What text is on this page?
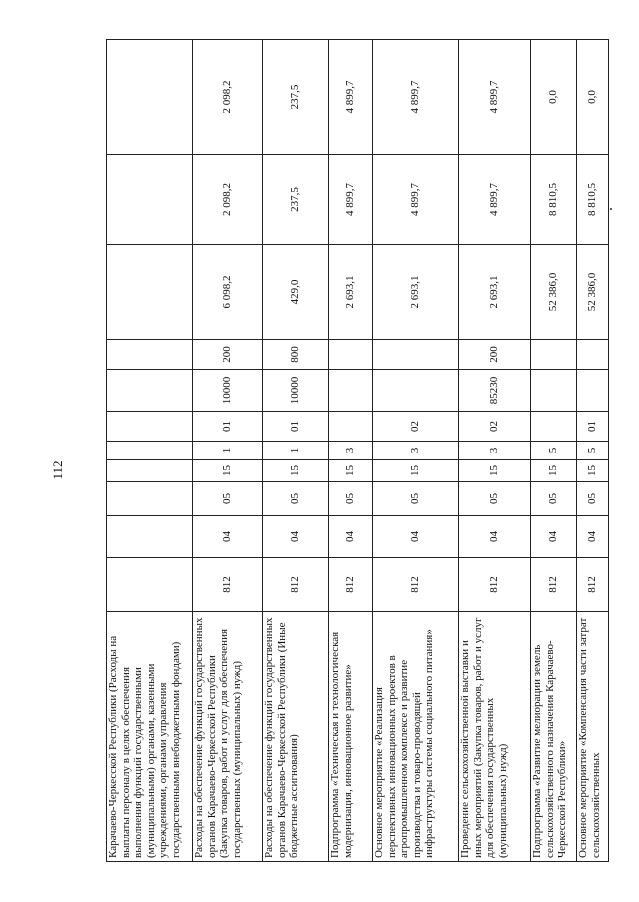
112
Карачаево-Черкесской Республики (Расходы на выплаты персоналу в целях обеспечения выполнения функций государственными (муниципальными) органами, казенными учреждениями, органами управления государственными внебюджетными фондами)											
Расходы на обеспечение функций государственных органов Карачаево-Черкесской Республики (Закупка товаров, работ и услуг для обеспечения государственных (муниципальных) нужд)	812	04	05	15	1	01	10000	200	6 098,2	2 098,2	2 098,2
Расходы на обеспечение функций государственных органов Карачаево-Черкесской Республики (Иные бюджетные ассигнования)	812	04	05	15	1	01	10000	800	429,0	237,5	237,5
Подпрограмма «Техническая и технологическая модернизация, инновационное развитие»	812	04	05	15	3				2 693,1	4 899,7	4 899,7
Основное мероприятие «Реализация перспективных инновационных проектов в агропромышленном комплексе и развитие производства и товаро-проводящей инфраструктуры системы социального питания»	812	04	05	15	3	02			2 693,1	4 899,7	4 899,7
Проведение сельскохозяйственной выставки и иных мероприятий (Закупка товаров, работ и услуг для обеспечения государственных (муниципальных) нужд)	812	04	05	15	3	02	85230	200	2 693,1	4 899,7	4 899,7
Подпрограмма «Развитие мелиорации земель сельскохозяйственного назначения Карачаево-Черкесской Республики»	812	04	05	15	5				52 386,0	8 810,5	0,0
Основное мероприятие «Компенсация части затрат сельскохозяйственных	812	04	05	15	5	01			52 386,0	8 810,5	0,0
